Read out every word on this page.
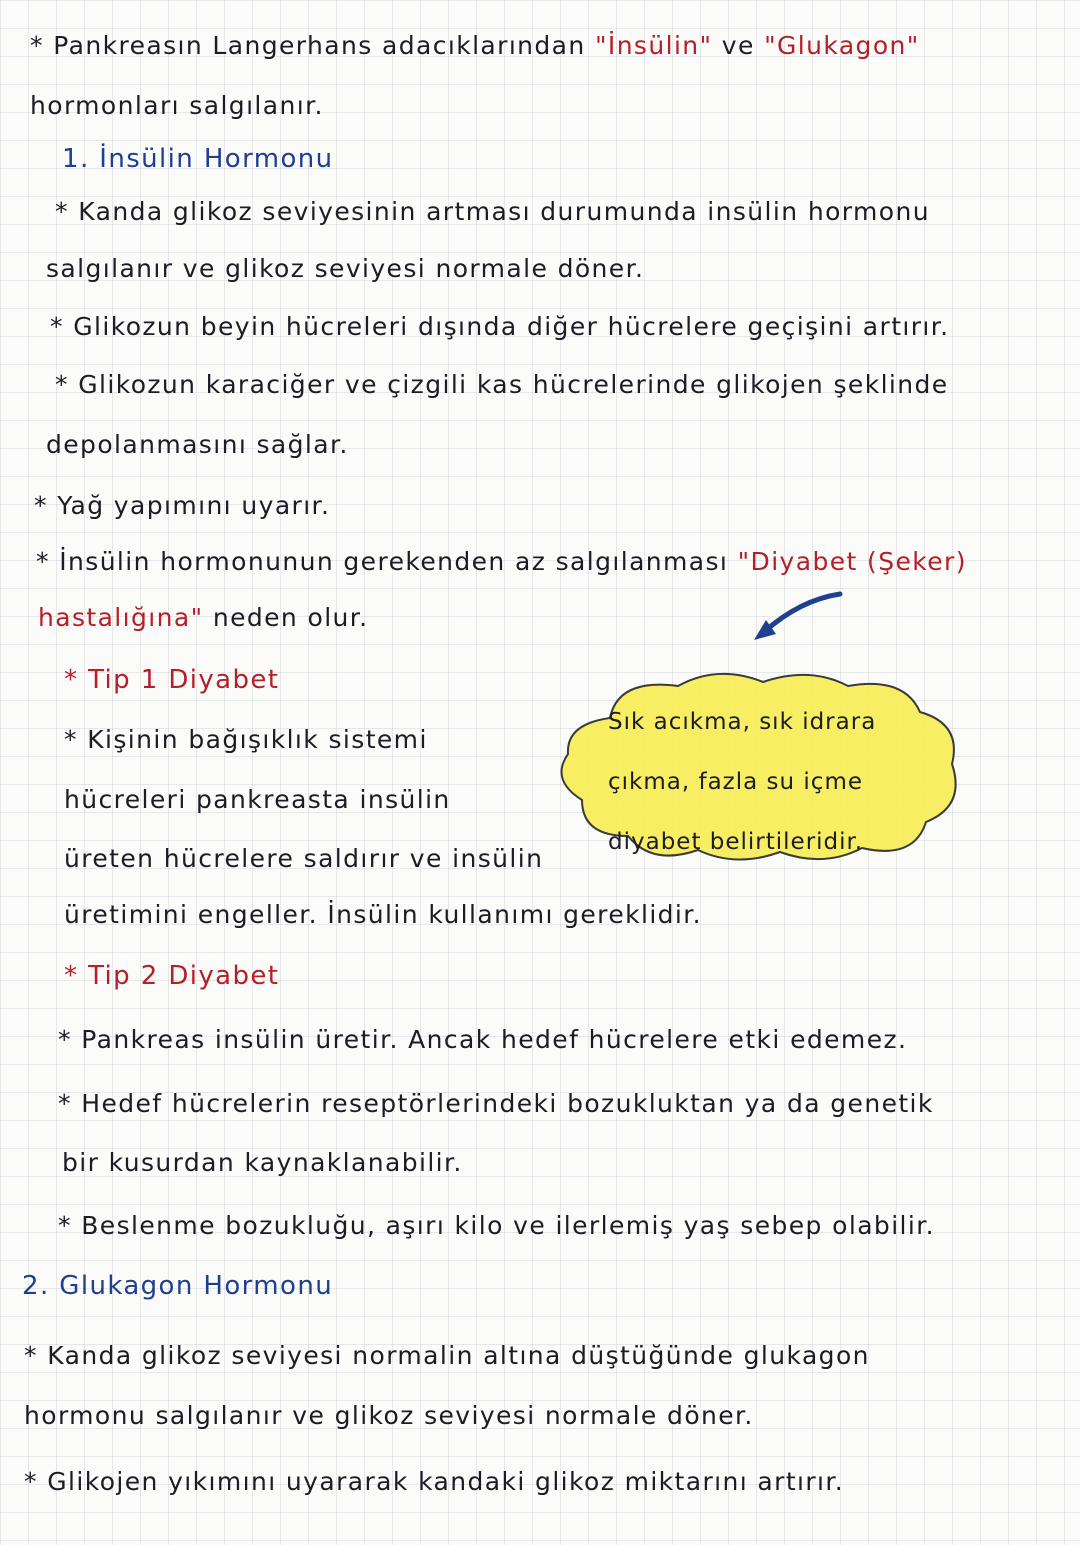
* Pankreasın Langerhans adacıklarından "İnsülin" ve "Glukagon"
hormonları salgılanır.
1. İnsülin Hormonu
* Kanda glikoz seviyesinin artması durumunda insülin hormonu
salgılanır ve glikoz seviyesi normale döner.
* Glikozun beyin hücreleri dışında diğer hücrelere geçişini artırır.
* Glikozun karaciğer ve çizgili kas hücrelerinde glikojen şeklinde
depolanmasını sağlar.
* Yağ yapımını uyarır.
* İnsülin hormonunun gerekenden az salgılanması "Diyabet (Şeker)
hastalığına" neden olur.
* Tip 1 Diyabet
* Kişinin bağışıklık sistemi
hücreleri pankreasta insülin
üreten hücrelere saldırır ve insülin
üretimini engeller. İnsülin kullanımı gereklidir.
Sık acıkma, sık idrara çıkma, fazla su içme diyabet belirtileridir.
* Tip 2 Diyabet
* Pankreas insülin üretir. Ancak hedef hücrelere etki edemez.
* Hedef hücrelerin reseptörlerindeki bozukluktan ya da genetik
bir kusurdan kaynaklanabilir.
* Beslenme bozukluğu, aşırı kilo ve ilerlemiş yaş sebep olabilir.
2. Glukagon Hormonu
* Kanda glikoz seviyesi normalin altına düştüğünde glukagon
hormonu salgılanır ve glikoz seviyesi normale döner.
* Glikojen yıkımını uyararak kandaki glikoz miktarını artırır.
